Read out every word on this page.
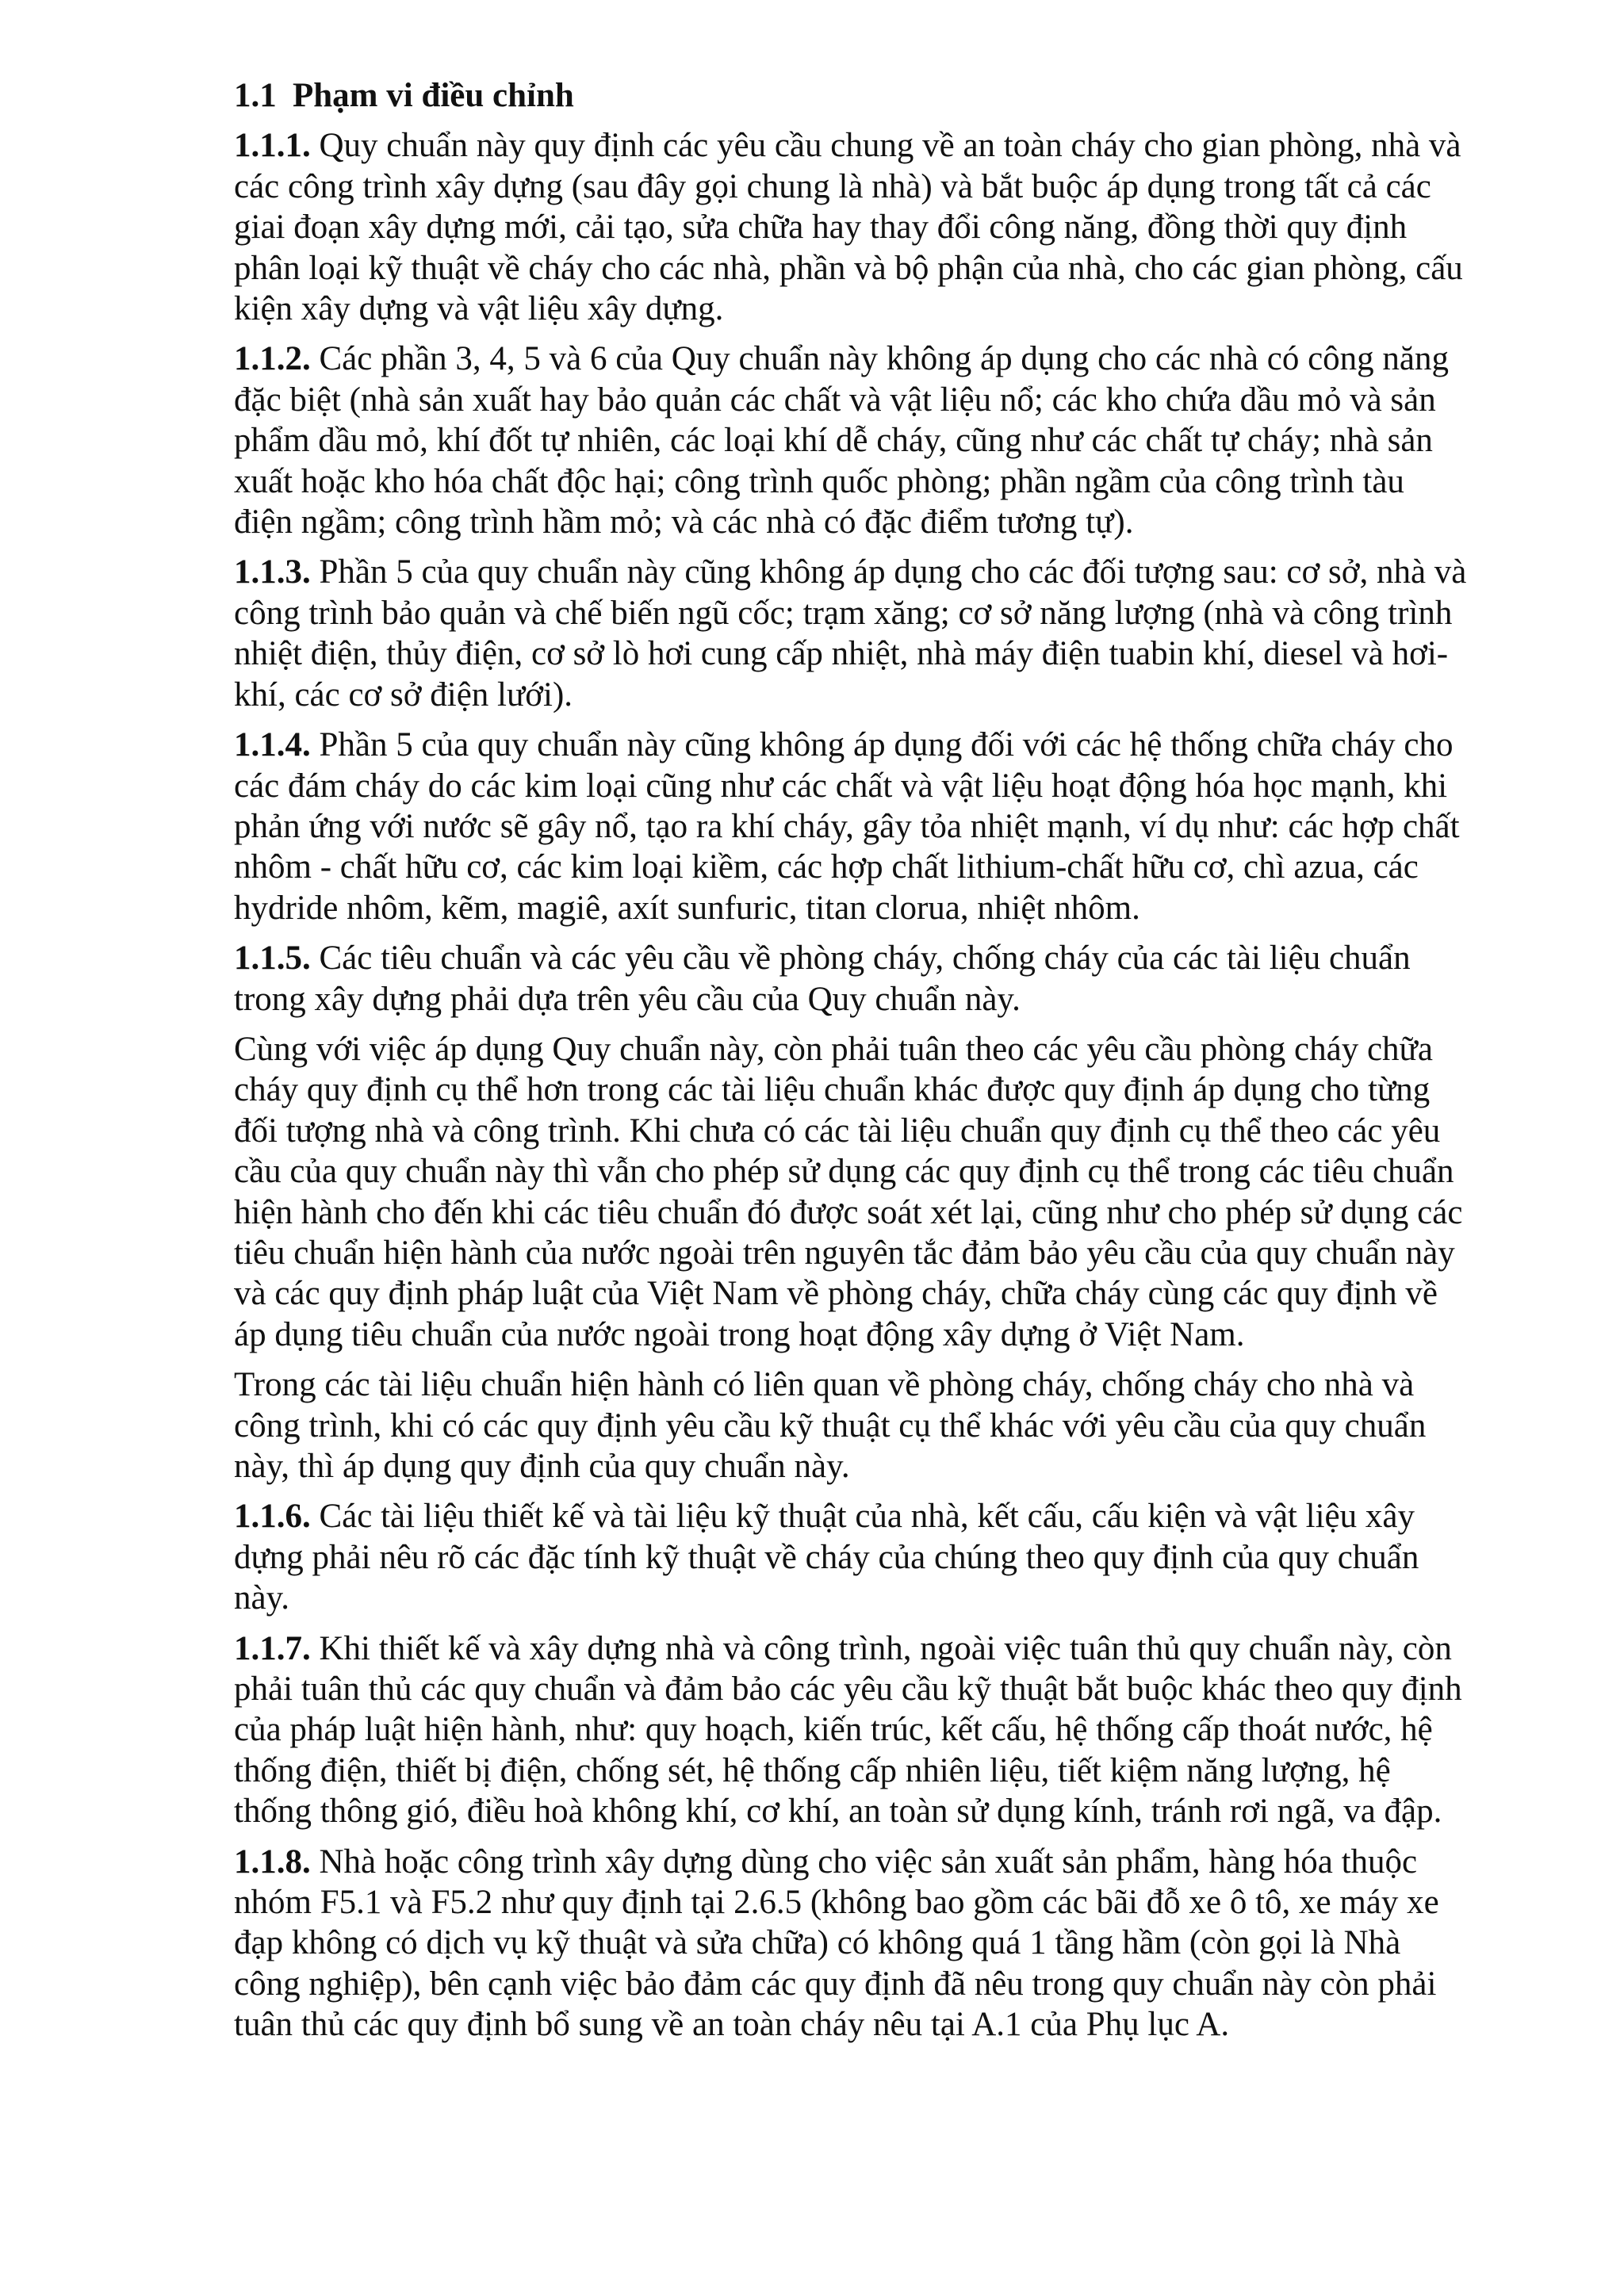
1.1 Phạm vi điều chỉnh

1.1.1. Quy chuẩn này quy định các yêu cầu chung về an toàn cháy cho gian phòng, nhà và các công trình xây dựng (sau đây gọi chung là nhà) và bắt buộc áp dụng trong tất cả các giai đoạn xây dựng mới, cải tạo, sửa chữa hay thay đổi công năng, đồng thời quy định phân loại kỹ thuật về cháy cho các nhà, phần và bộ phận của nhà, cho các gian phòng, cấu kiện xây dựng và vật liệu xây dựng.

1.1.2. Các phần 3, 4, 5 và 6 của Quy chuẩn này không áp dụng cho các nhà có công năng đặc biệt (nhà sản xuất hay bảo quản các chất và vật liệu nổ; các kho chứa dầu mỏ và sản phẩm dầu mỏ, khí đốt tự nhiên, các loại khí dễ cháy, cũng như các chất tự cháy; nhà sản xuất hoặc kho hóa chất độc hại; công trình quốc phòng; phần ngầm của công trình tàu điện ngầm; công trình hầm mỏ; và các nhà có đặc điểm tương tự).

1.1.3. Phần 5 của quy chuẩn này cũng không áp dụng cho các đối tượng sau: cơ sở, nhà và công trình bảo quản và chế biến ngũ cốc; trạm xăng; cơ sở năng lượng (nhà và công trình nhiệt điện, thủy điện, cơ sở lò hơi cung cấp nhiệt, nhà máy điện tuabin khí, diesel và hơi-khí, các cơ sở điện lưới).

1.1.4. Phần 5 của quy chuẩn này cũng không áp dụng đối với các hệ thống chữa cháy cho các đám cháy do các kim loại cũng như các chất và vật liệu hoạt động hóa học mạnh, khi phản ứng với nước sẽ gây nổ, tạo ra khí cháy, gây tỏa nhiệt mạnh, ví dụ như: các hợp chất nhôm - chất hữu cơ, các kim loại kiềm, các hợp chất lithium-chất hữu cơ, chì azua, các hydride nhôm, kẽm, magiê, axít sunfuric, titan clorua, nhiệt nhôm.

1.1.5. Các tiêu chuẩn và các yêu cầu về phòng cháy, chống cháy của các tài liệu chuẩn trong xây dựng phải dựa trên yêu cầu của Quy chuẩn này.

Cùng với việc áp dụng Quy chuẩn này, còn phải tuân theo các yêu cầu phòng cháy chữa cháy quy định cụ thể hơn trong các tài liệu chuẩn khác được quy định áp dụng cho từng đối tượng nhà và công trình. Khi chưa có các tài liệu chuẩn quy định cụ thể theo các yêu cầu của quy chuẩn này thì vẫn cho phép sử dụng các quy định cụ thể trong các tiêu chuẩn hiện hành cho đến khi các tiêu chuẩn đó được soát xét lại, cũng như cho phép sử dụng các tiêu chuẩn hiện hành của nước ngoài trên nguyên tắc đảm bảo yêu cầu của quy chuẩn này và các quy định pháp luật của Việt Nam về phòng cháy, chữa cháy cùng các quy định về áp dụng tiêu chuẩn của nước ngoài trong hoạt động xây dựng ở Việt Nam.

Trong các tài liệu chuẩn hiện hành có liên quan về phòng cháy, chống cháy cho nhà và công trình, khi có các quy định yêu cầu kỹ thuật cụ thể khác với yêu cầu của quy chuẩn này, thì áp dụng quy định của quy chuẩn này.

1.1.6. Các tài liệu thiết kế và tài liệu kỹ thuật của nhà, kết cấu, cấu kiện và vật liệu xây dựng phải nêu rõ các đặc tính kỹ thuật về cháy của chúng theo quy định của quy chuẩn này.

1.1.7. Khi thiết kế và xây dựng nhà và công trình, ngoài việc tuân thủ quy chuẩn này, còn phải tuân thủ các quy chuẩn và đảm bảo các yêu cầu kỹ thuật bắt buộc khác theo quy định của pháp luật hiện hành, như: quy hoạch, kiến trúc, kết cấu, hệ thống cấp thoát nước, hệ thống điện, thiết bị điện, chống sét, hệ thống cấp nhiên liệu, tiết kiệm năng lượng, hệ thống thông gió, điều hoà không khí, cơ khí, an toàn sử dụng kính, tránh rơi ngã, va đập.

1.1.8. Nhà hoặc công trình xây dựng dùng cho việc sản xuất sản phẩm, hàng hóa thuộc nhóm F5.1 và F5.2 như quy định tại 2.6.5 (không bao gồm các bãi đỗ xe ô tô, xe máy xe đạp không có dịch vụ kỹ thuật và sửa chữa) có không quá 1 tầng hầm (còn gọi là Nhà công nghiệp), bên cạnh việc bảo đảm các quy định đã nêu trong quy chuẩn này còn phải tuân thủ các quy định bổ sung về an toàn cháy nêu tại A.1 của Phụ lục A.
